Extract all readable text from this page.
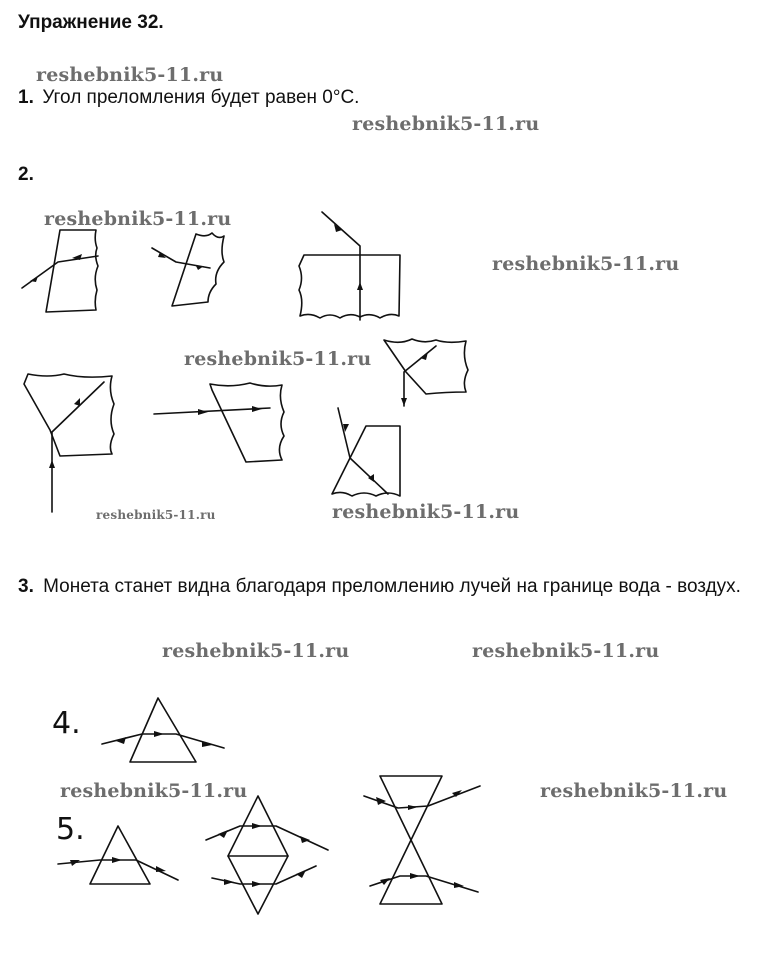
Упражнение 32.
reshebnik5-11.ru
reshebnik5-11.ru
reshebnik5-11.ru
reshebnik5-11.ru
reshebnik5-11.ru
reshebnik5-11.ru	reshebnik5-11.ru
reshebnik5-11.ru	reshebnik5-11.ru
reshebnik5-11.ru	reshebnik5-11.ru
1. Угол преломления будет равен 0°С.
2.
3. Монета станет видна благодаря преломлению лучей на границе вода - воздух.
4.
5.
